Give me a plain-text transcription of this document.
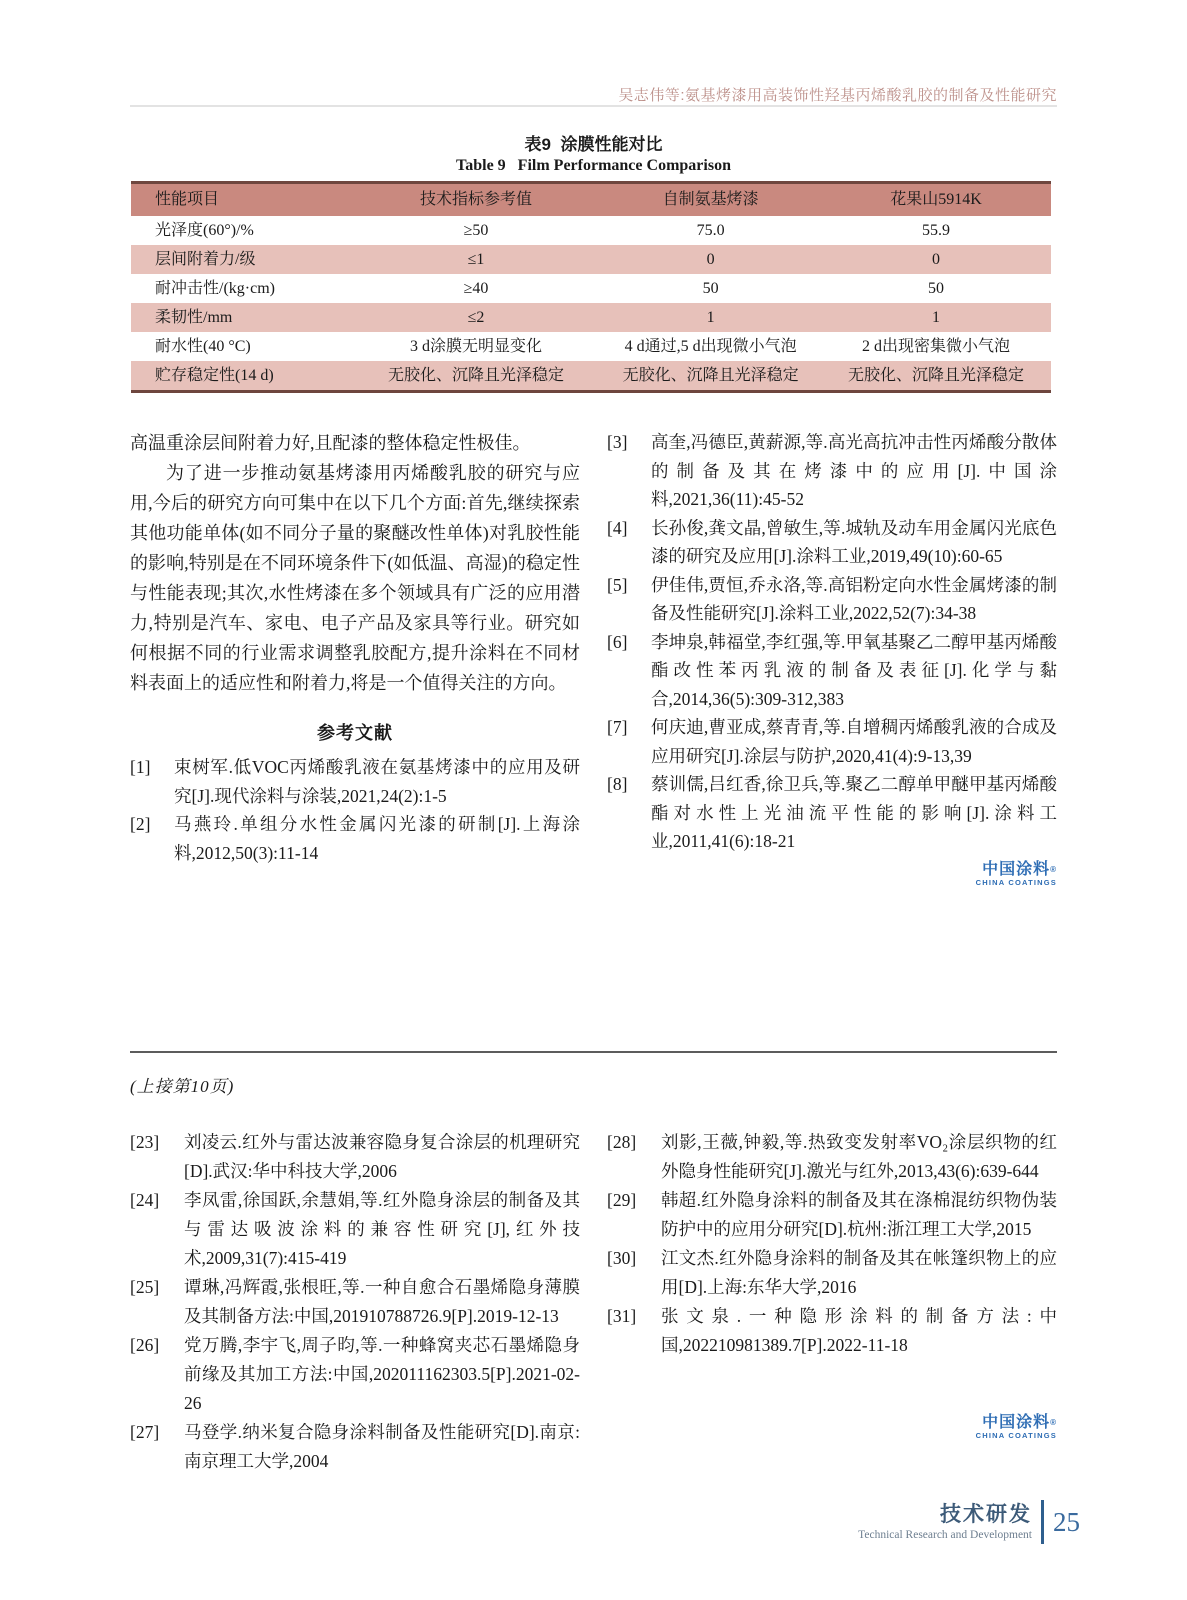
吴志伟等:氨基烤漆用高装饰性羟基丙烯酸乳胶的制备及性能研究
表9  涂膜性能对比
Table 9   Film Performance Comparison
性能项目	技术指标参考值	自制氨基烤漆	花果山5914K
光泽度(60°)/%	≥50	75.0	55.9
层间附着力/级	≤1	0	0
耐冲击性/(kg·cm)	≥40	50	50
柔韧性/mm	≤2	1	1
耐水性(40 °C)	3 d涂膜无明显变化	4 d通过,5 d出现微小气泡	2 d出现密集微小气泡
贮存稳定性(14 d)	无胶化、沉降且光泽稳定	无胶化、沉降且光泽稳定	无胶化、沉降且光泽稳定

高温重涂层间附着力好,且配漆的整体稳定性极佳。

为了进一步推动氨基烤漆用丙烯酸乳胶的研究与应用,今后的研究方向可集中在以下几个方面:首先,继续探索其他功能单体(如不同分子量的聚醚改性单体)对乳胶性能的影响,特别是在不同环境条件下(如低温、高湿)的稳定性与性能表现;其次,水性烤漆在多个领域具有广泛的应用潜力,特别是汽车、家电、电子产品及家具等行业。研究如何根据不同的行业需求调整乳胶配方,提升涂料在不同材料表面上的适应性和附着力,将是一个值得关注的方向。

参考文献
[1] 束树军.低VOC丙烯酸乳液在氨基烤漆中的应用及研究[J].现代涂料与涂装,2021,24(2):1-5
[2] 马燕玲.单组分水性金属闪光漆的研制[J].上海涂料,2012,50(3):11-14
[3] 高奎,冯德臣,黄薪源,等.高光高抗冲击性丙烯酸分散体的制备及其在烤漆中的应用[J].中国涂料,2021,36(11):45-52
[4] 长孙俊,龚文晶,曾敏生,等.城轨及动车用金属闪光底色漆的研究及应用[J].涂料工业,2019,49(10):60-65
[5] 伊佳伟,贾恒,乔永洛,等.高铝粉定向水性金属烤漆的制备及性能研究[J].涂料工业,2022,52(7):34-38
[6] 李坤泉,韩福堂,李红强,等.甲氧基聚乙二醇甲基丙烯酸酯改性苯丙乳液的制备及表征[J].化学与黏合,2014,36(5):309-312,383
[7] 何庆迪,曹亚成,蔡青青,等.自增稠丙烯酸乳液的合成及应用研究[J].涂层与防护,2020,41(4):9-13,39
[8] 蔡训儒,吕红香,徐卫兵,等.聚乙二醇单甲醚甲基丙烯酸酯对水性上光油流平性能的影响[J].涂料工业,2011,41(6):18-21
中国涂料®
CHINA COATINGS
(上接第10页)
[23] 刘凌云.红外与雷达波兼容隐身复合涂层的机理研究[D].武汉:华中科技大学,2006
[24] 李凤雷,徐国跃,余慧娟,等.红外隐身涂层的制备及其与雷达吸波涂料的兼容性研究[J],红外技术,2009,31(7):415-419
[25] 谭琳,冯辉霞,张根旺,等.一种自愈合石墨烯隐身薄膜及其制备方法:中国,201910788726.9[P].2019-12-13
[26] 党万腾,李宇飞,周子昀,等.一种蜂窝夹芯石墨烯隐身前缘及其加工方法:中国,202011162303.5[P].2021-02-26
[27] 马登学.纳米复合隐身涂料制备及性能研究[D].南京:南京理工大学,2004
[28] 刘影,王薇,钟毅,等.热致变发射率VO₂涂层织物的红外隐身性能研究[J].激光与红外,2013,43(6):639-644
[29] 韩超.红外隐身涂料的制备及其在涤棉混纺织物伪装防护中的应用分研究[D].杭州:浙江理工大学,2015
[30] 江文杰.红外隐身涂料的制备及其在帐篷织物上的应用[D].上海:东华大学,2016
[31] 张文泉.一种隐形涂料的制备方法:中国,202210981389.7[P].2022-11-18
中国涂料®
CHINA COATINGS
技术研发
Technical Research and Development 25
